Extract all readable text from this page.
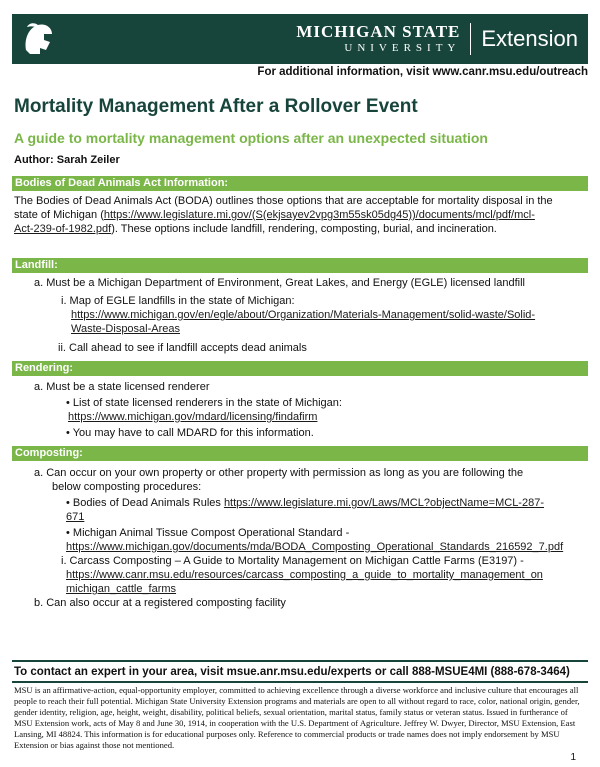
MICHIGAN STATE
UNIVERSITY Extension
For additional information, visit www.canr.msu.edu/outreach
Mortality Management After a Rollover Event
A guide to mortality management options after an unexpected situation
Author: Sarah Zeiler
Bodies of Dead Animals Act Information:
The Bodies of Dead Animals Act (BODA) outlines those options that are acceptable for mortality disposal in the
state of Michigan (https://www.legislature.mi.gov/(S(ekjsayev2vpg3m55sk05dg45))/documents/mcl/pdf/mcl-
Act-239-of-1982.pdf). These options include landfill, rendering, composting, burial, and incineration.
Landfill:
a. Must be a Michigan Department of Environment, Great Lakes, and Energy (EGLE) licensed landfill
i. Map of EGLE landfills in the state of Michigan:
https://www.michigan.gov/en/egle/about/Organization/Materials-Management/solid-waste/Solid-
Waste-Disposal-Areas
ii. Call ahead to see if landfill accepts dead animals
Rendering:
a. Must be a state licensed renderer
• List of state licensed renderers in the state of Michigan:
https://www.michigan.gov/mdard/licensing/findafirm
• You may have to call MDARD for this information.
Composting:
a. Can occur on your own property or other property with permission as long as you are following the
below composting procedures:
• Bodies of Dead Animals Rules https://www.legislature.mi.gov/Laws/MCL?objectName=MCL-287-
671
• Michigan Animal Tissue Compost Operational Standard -
https://www.michigan.gov/documents/mda/BODA_Composting_Operational_Standards_216592_7.pdf
i. Carcass Composting – A Guide to Mortality Management on Michigan Cattle Farms (E3197) -
https://www.canr.msu.edu/resources/carcass_composting_a_guide_to_mortality_management_on
michigan_cattle_farms
b. Can also occur at a registered composting facility
To contact an expert in your area, visit msue.anr.msu.edu/experts or call 888-MSUE4MI (888-678-3464)
MSU is an affirmative-action, equal-opportunity employer, committed to achieving excellence through a diverse workforce and inclusive culture that encourages all people to reach their full potential. Michigan State University Extension programs and materials are open to all without regard to race, color, national origin, gender, gender identity, religion, age, height, weight, disability, political beliefs, sexual orientation, marital status, family status or veteran status. Issued in furtherance of MSU Extension work, acts of May 8 and June 30, 1914, in cooperation with the U.S. Department of Agriculture. Jeffrey W. Dwyer, Director, MSU Extension, East Lansing, MI 48824. This information is for educational purposes only. Reference to commercial products or trade names does not imply endorsement by MSU Extension or bias against those not mentioned.
1
